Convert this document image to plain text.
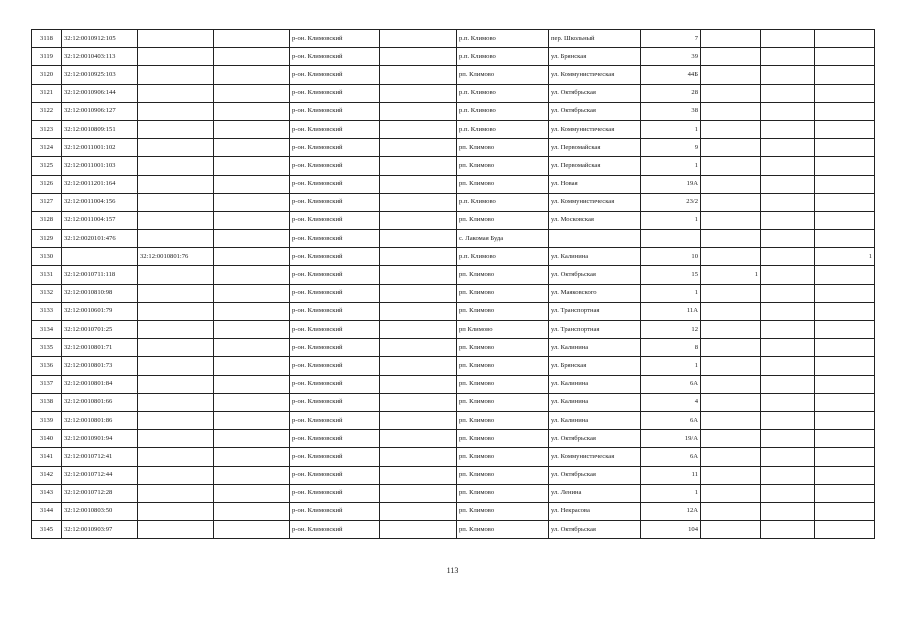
3118	32:12:0010912:105			р-он. Климовский		р.п. Климово	пер. Школьный	7			
3119	32:12:0010403:113			р-он. Климовский		р.п. Климово	ул. Брянская	39			
3120	32:12:0010925:103			р-он. Климовский		рп. Климово	ул. Коммунистическая	44Б			
3121	32:12:0010906:144			р-он. Климовский		р.п. Климово	ул. Октябрьская	28			
3122	32:12:0010906:127			р-он. Климовский		р.п. Климово	ул. Октябрьская	38			
3123	32:12:0010809:151			р-он. Климовский		р.п. Климово	ул. Коммунистическая	1			
3124	32:12:0011001:102			р-он. Климовский		рп. Климово	ул. Первомайская	9			
3125	32:12:0011001:103			р-он. Климовский		рп. Климово	ул. Первомайская	1			
3126	32:12:0011201:164			р-он. Климовский		рп. Климово	ул. Новая	19А			
3127	32:12:0011004:156			р-он. Климовский		р.п. Климово	ул. Коммунистическая	23/2			
3128	32:12:0011004:157			р-он. Климовский		рп. Климово	ул. Московская	1			
3129	32:12:0020101:476			р-он. Климовский		с. Лакомая Буда					
3130		32:12:0010801:76		р-он. Климовский		р.п. Климово	ул. Калинина	10			1
3131	32:12:0010711:118			р-он. Климовский		рп. Климово	ул. Октябрьская	15	1		
3132	32:12:0010810:98			р-он. Климовский		рп. Климово	ул. Маяковского	1			
3133	32:12:0010601:79			р-он. Климовский		рп. Климово	ул. Транспортная	11А			
3134	32:12:0010701:25			р-он. Климовский		рп Климово	ул. Транспортная	12			
3135	32:12:0010801:71			р-он. Климовский		рп. Климово	ул. Калинина	8			
3136	32:12:0010801:73			р-он. Климовский		рп. Климово	ул. Брянская	1			
3137	32:12:0010801:84			р-он. Климовский		рп. Климово	ул. Калинина	6А			
3138	32:12:0010801:66			р-он. Климовский		рп. Климово	ул. Калинина	4			
3139	32:12:0010801:86			р-он. Климовский		рп. Климово	ул. Калинина	6А			
3140	32:12:0010901:94			р-он. Климовский		рп. Климово	ул. Октябрьская	19/А			
3141	32:12:0010712:41			р-он. Климовский		рп. Климово	ул. Коммунистическая	6А			
3142	32:12:0010712:44			р-он. Климовский		рп. Климово	ул. Октябрьская	11			
3143	32:12:0010712:28			р-он. Климовский		рп. Климово	ул. Ленина	1			
3144	32:12:0010803:50			р-он. Климовский		рп. Климово	ул. Некрасова	12А			
3145	32:12:0010903:97			р-он. Климовский		рп. Климово	ул. Октябрьская	104			
113
